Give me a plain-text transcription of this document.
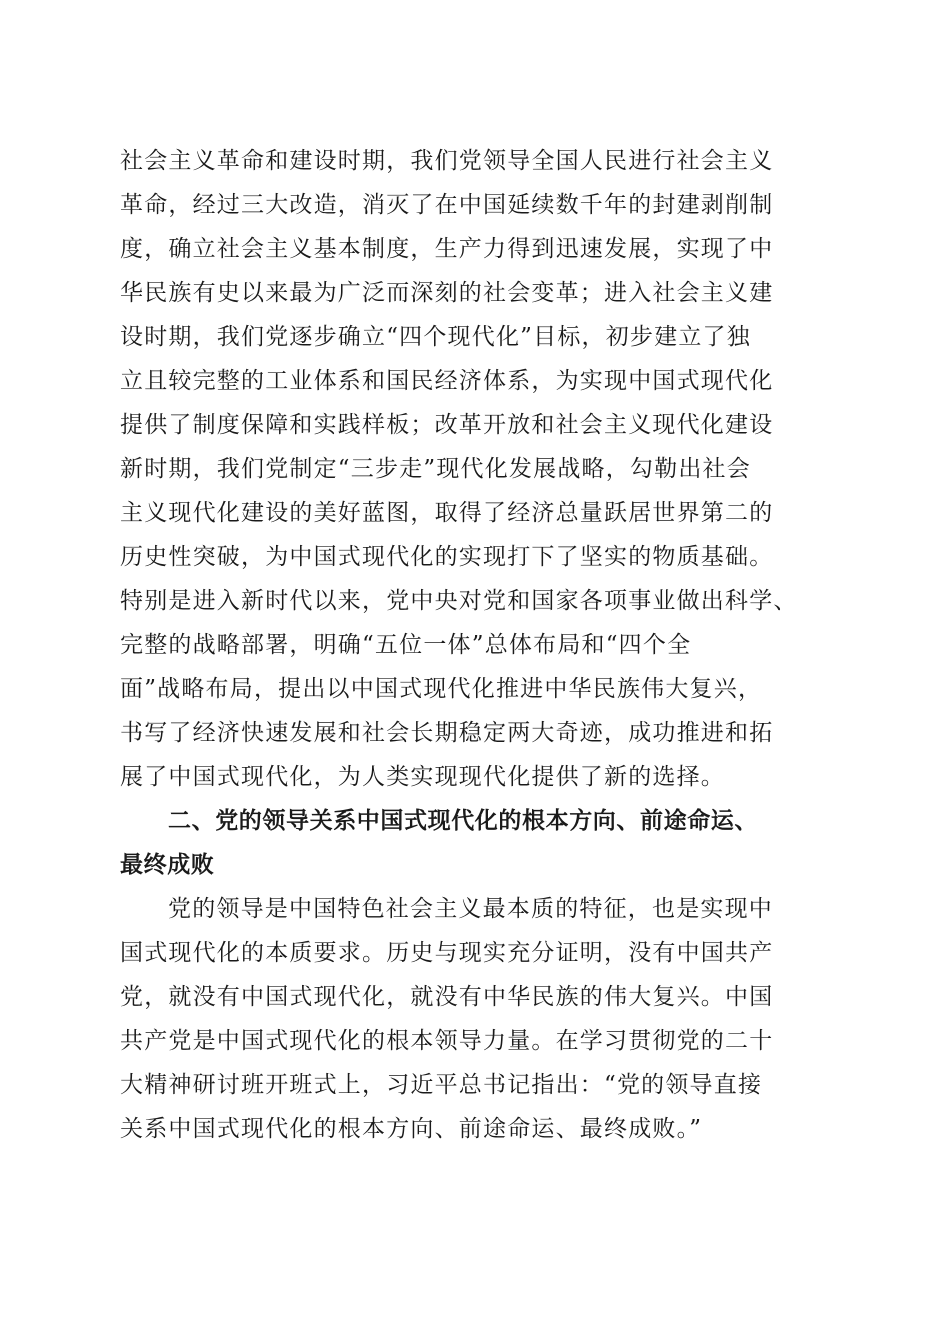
社会主义革命和建设时期，我们党领导全国人民进行社会主义
革命，经过三大改造，消灭了在中国延续数千年的封建剥削制
度，确立社会主义基本制度，生产力得到迅速发展，实现了中
华民族有史以来最为广泛而深刻的社会变革；进入社会主义建
设时期，我们党逐步确立“四个现代化”目标，初步建立了独
立且较完整的工业体系和国民经济体系，为实现中国式现代化
提供了制度保障和实践样板；改革开放和社会主义现代化建设
新时期，我们党制定“三步走”现代化发展战略，勾勒出社会
主义现代化建设的美好蓝图，取得了经济总量跃居世界第二的
历史性突破，为中国式现代化的实现打下了坚实的物质基础。
特别是进入新时代以来，党中央对党和国家各项事业做出科学、
完整的战略部署，明确“五位一体”总体布局和“四个全
面”战略布局，提出以中国式现代化推进中华民族伟大复兴，
书写了经济快速发展和社会长期稳定两大奇迹，成功推进和拓
展了中国式现代化，为人类实现现代化提供了新的选择。
二、党的领导关系中国式现代化的根本方向、前途命运、
最终成败
党的领导是中国特色社会主义最本质的特征，也是实现中
国式现代化的本质要求。历史与现实充分证明，没有中国共产
党，就没有中国式现代化，就没有中华民族的伟大复兴。中国
共产党是中国式现代化的根本领导力量。在学习贯彻党的二十
大精神研讨班开班式上，习近平总书记指出：“党的领导直接
关系中国式现代化的根本方向、前途命运、最终成败。”
